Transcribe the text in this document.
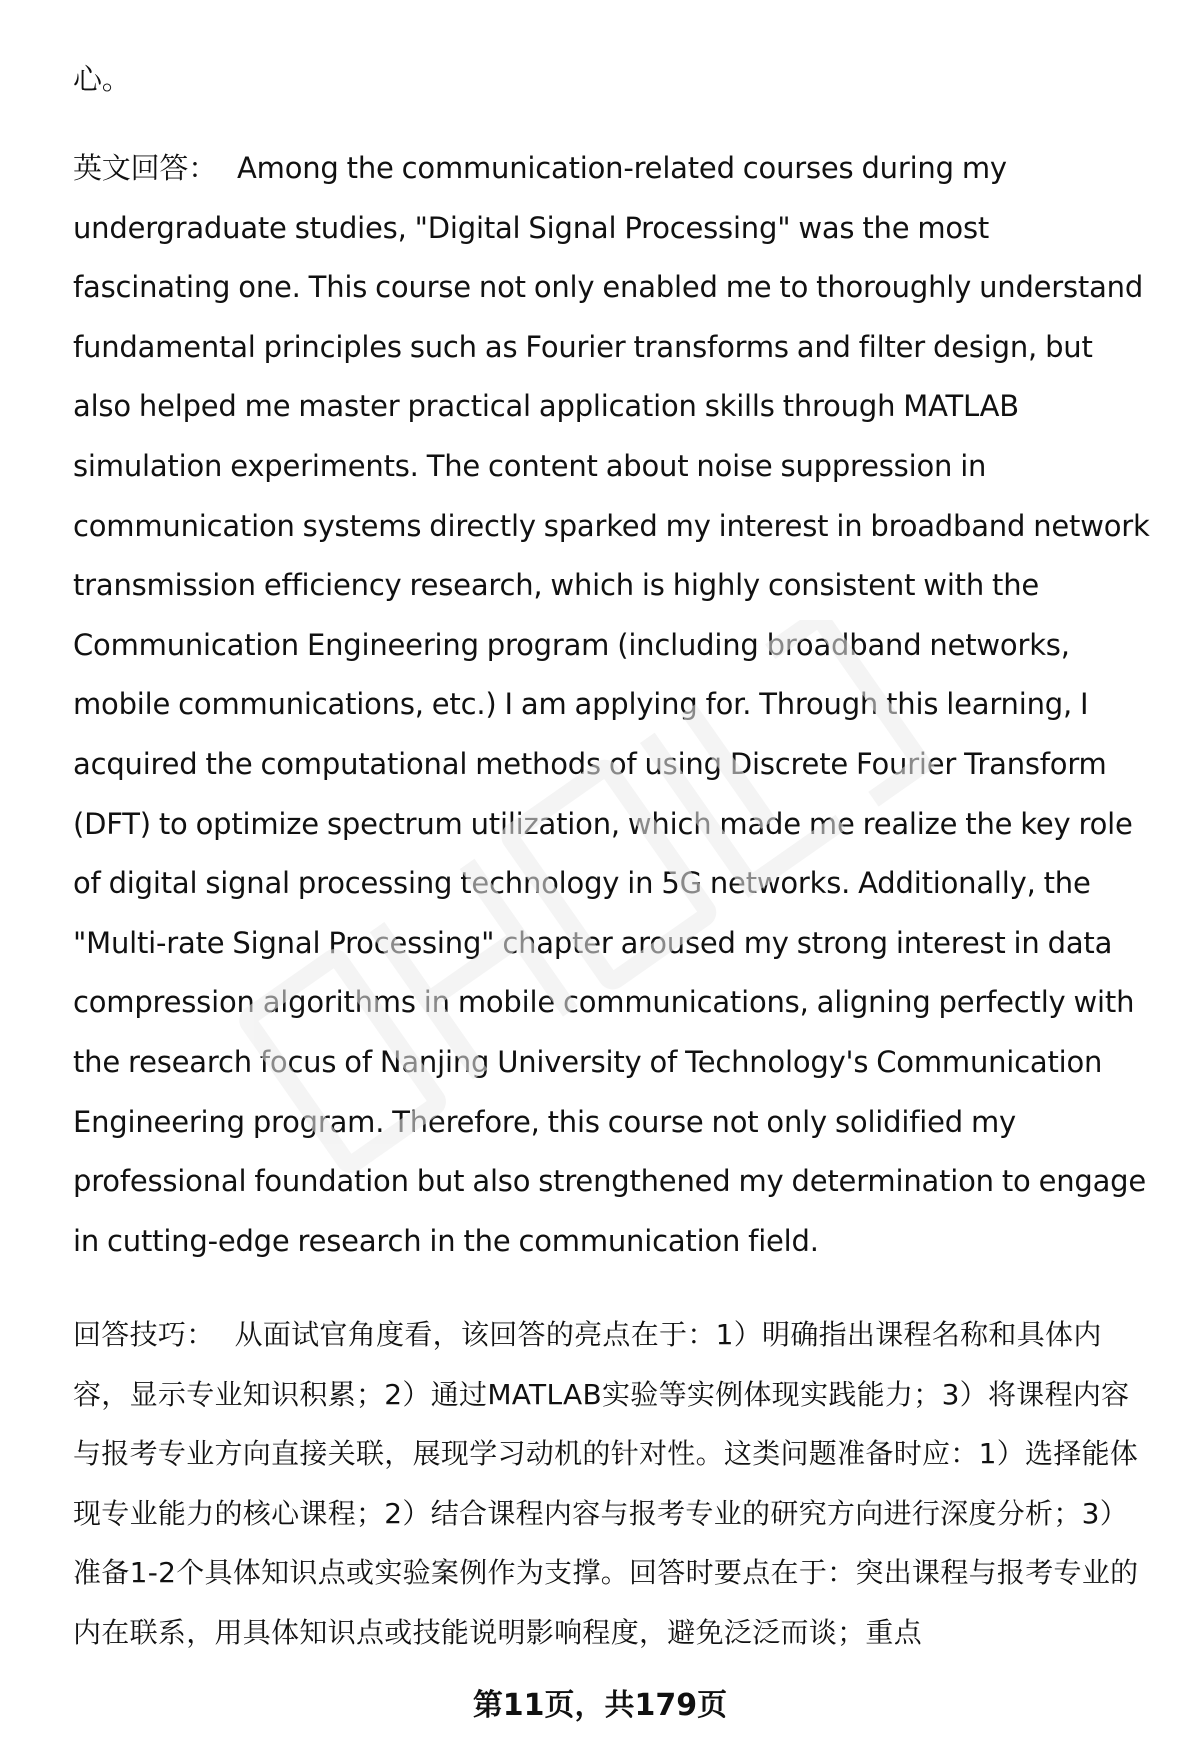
心。
英文回答： Among the communication-related courses during my undergraduate studies, "Digital Signal Processing" was the most fascinating one. This course not only enabled me to thoroughly understand fundamental principles such as Fourier transforms and filter design, but also helped me master practical application skills through MATLAB simulation experiments. The content about noise suppression in communication systems directly sparked my interest in broadband network transmission efficiency research, which is highly consistent with the Communication Engineering program (including broadband networks, mobile communications, etc.) I am applying for. Through this learning, I acquired the computational methods of using Discrete Fourier Transform (DFT) to optimize spectrum utilization, which made me realize the key role of digital signal processing technology in 5G networks. Additionally, the "Multi-rate Signal Processing" chapter aroused my strong interest in data compression algorithms in mobile communications, aligning perfectly with the research focus of Nanjing University of Technology's Communication Engineering program. Therefore, this course not only solidified my professional foundation but also strengthened my determination to engage in cutting-edge research in the communication field.
回答技巧： 从面试官角度看，该回答的亮点在于：1）明确指出课程名称和具体内容，显示专业知识积累；2）通过MATLAB实验等实例体现实践能力；3）将课程内容与报考专业方向直接关联，展现学习动机的针对性。这类问题准备时应：1）选择能体现专业能力的核心课程；2）结合课程内容与报考专业的研究方向进行深度分析；3）准备1-2个具体知识点或实验案例作为支撑。回答时要点在于：突出课程与报考专业的内在联系，用具体知识点或技能说明影响程度，避免泛泛而谈；重点
第11页，共179页
